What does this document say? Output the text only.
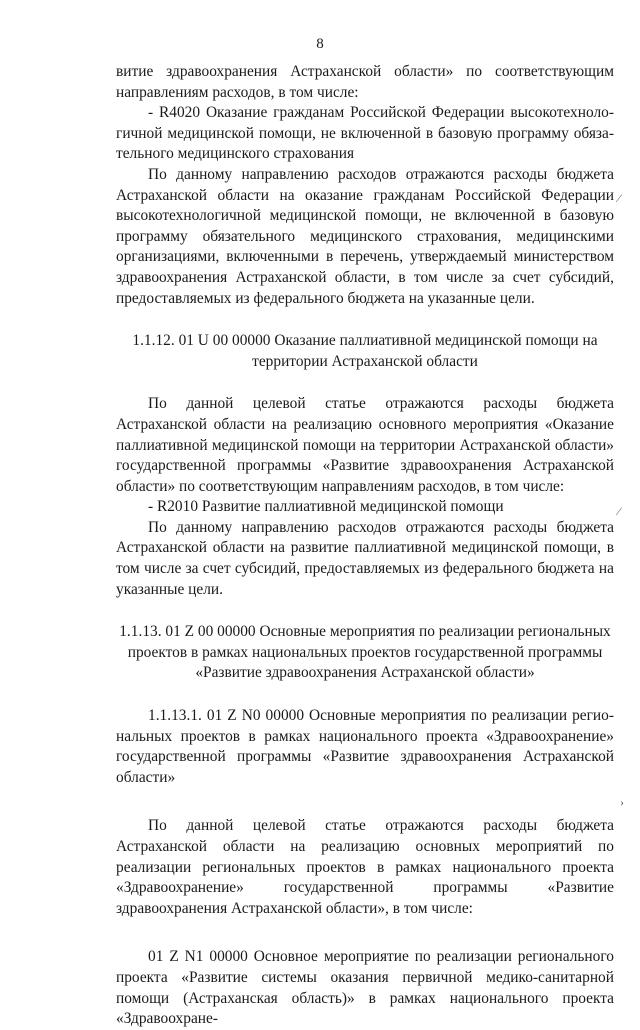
8

витие здравоохранения Астраханской области» по соответствующим направлениям расходов, в том числе:

- R4020 Оказание гражданам Российской Федерации высокотехнологичной медицинской помощи, не включенной в базовую программу обязательного медицинского страхования

По данному направлению расходов отражаются расходы бюджета Астраханской области на оказание гражданам Российской Федерации высокотехнологичной медицинской помощи, не включенной в базовую программу обязательного медицинского страхования, медицинскими организациями, включенными в перечень, утверждаемый министерством здравоохранения Астраханской области, в том числе за счет субсидий, предоставляемых из федерального бюджета на указанные цели.

1.1.12. 01 U 00 00000 Оказание паллиативной медицинской помощи на территории Астраханской области

По данной целевой статье отражаются расходы бюджета Астраханской области на реализацию основного мероприятия «Оказание паллиативной медицинской помощи на территории Астраханской области» государственной программы «Развитие здравоохранения Астраханской области» по соответствующим направлениям расходов, в том числе:

- R2010 Развитие паллиативной медицинской помощи

По данному направлению расходов отражаются расходы бюджета Астраханской области на развитие паллиативной медицинской помощи, в том числе за счет субсидий, предоставляемых из федерального бюджета на указанные цели.

1.1.13. 01 Z 00 00000 Основные мероприятия по реализации региональных проектов в рамках национальных проектов государственной программы «Развитие здравоохранения Астраханской области»

1.1.13.1. 01 Z N0 00000 Основные мероприятия по реализации региональных проектов в рамках национального проекта «Здравоохранение» государственной программы «Развитие здравоохранения Астраханской области»

По данной целевой статье отражаются расходы бюджета Астраханской области на реализацию основных мероприятий по реализации региональных проектов в рамках национального проекта «Здравоохранение» государственной программы «Развитие здравоохранения Астраханской области», в том числе:

01 Z N1 00000 Основное мероприятие по реализации регионального проекта «Развитие системы оказания первичной медико-санитарной помощи (Астраханская область)» в рамках национального проекта «Здравоохране-

⁄
⁄
›
